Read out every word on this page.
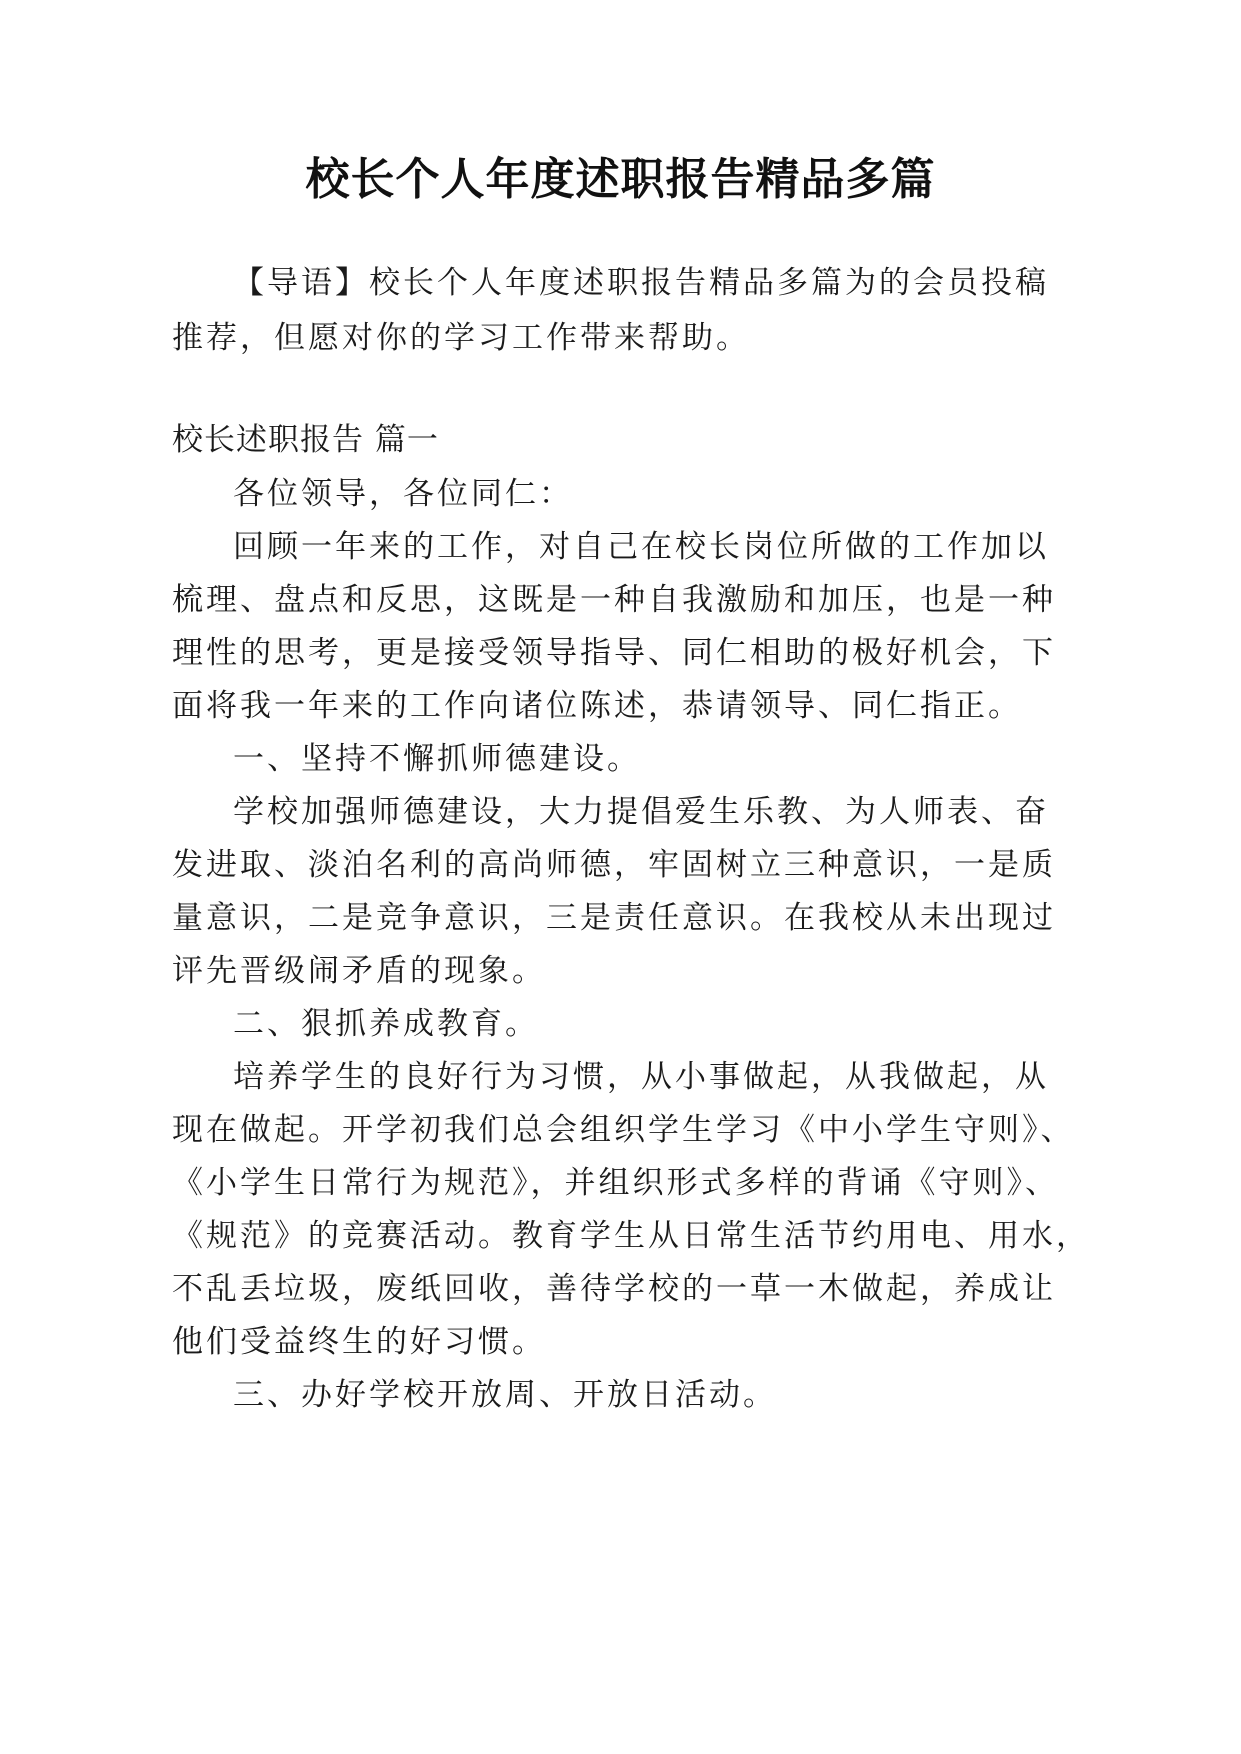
校长个人年度述职报告精品多篇

【导语】校长个人年度述职报告精品多篇为的会员投稿

推荐，但愿对你的学习工作带来帮助。

校长述职报告 篇一

各位领导，各位同仁：

回顾一年来的工作，对自己在校长岗位所做的工作加以

梳理、盘点和反思，这既是一种自我激励和加压，也是一种

理性的思考，更是接受领导指导、同仁相助的极好机会，下

面将我一年来的工作向诸位陈述，恭请领导、同仁指正。

一、坚持不懈抓师德建设。

学校加强师德建设，大力提倡爱生乐教、为人师表、奋

发进取、淡泊名利的高尚师德，牢固树立三种意识，一是质

量意识，二是竞争意识，三是责任意识。在我校从未出现过

评先晋级闹矛盾的现象。

二、狠抓养成教育。

培养学生的良好行为习惯，从小事做起，从我做起，从

现在做起。开学初我们总会组织学生学习《中小学生守则》、

《小学生日常行为规范》，并组织形式多样的背诵《守则》、

《规范》的竞赛活动。教育学生从日常生活节约用电、用水，

不乱丢垃圾，废纸回收，善待学校的一草一木做起，养成让

他们受益终生的好习惯。

三、办好学校开放周、开放日活动。
